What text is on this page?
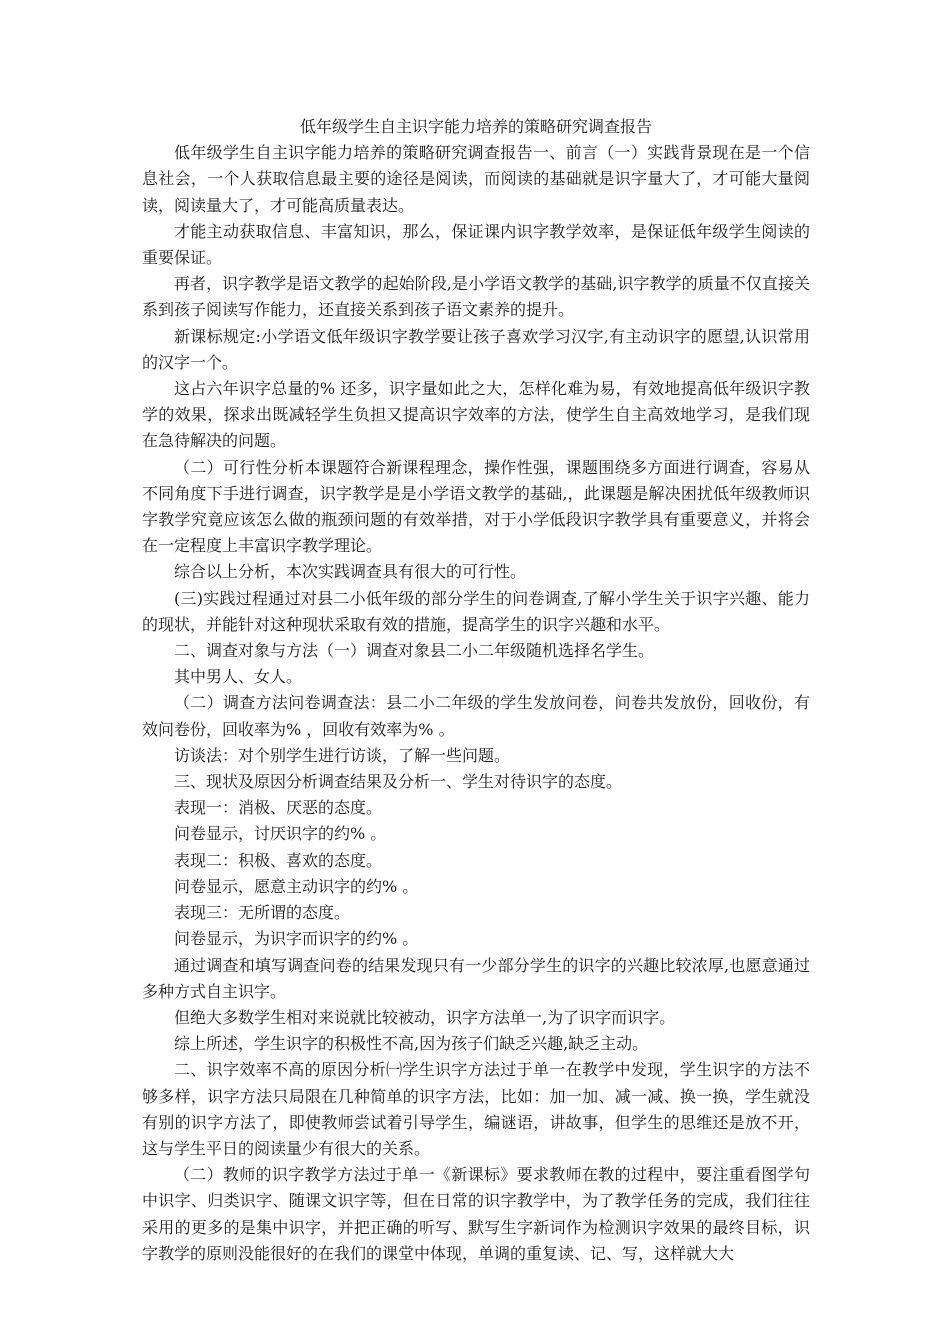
低年级学生自主识字能力培养的策略研究调查报告

低年级学生自主识字能力培养的策略研究调查报告一、前言（一）实践背景现在是一个信息社会，一个人获取信息最主要的途径是阅读，而阅读的基础就是识字量大了，才可能大量阅读，阅读量大了，才可能高质量表达。

才能主动获取信息、丰富知识，那么，保证课内识字教学效率，是保证低年级学生阅读的重要保证。

再者，识字教学是语文教学的起始阶段,是小学语文教学的基础,识字教学的质量不仅直接关系到孩子阅读写作能力，还直接关系到孩子语文素养的提升。

新课标规定:小学语文低年级识字教学要让孩子喜欢学习汉字,有主动识字的愿望,认识常用的汉字一个。

这占六年识字总量的% 还多，识字量如此之大，怎样化难为易，有效地提高低年级识字教学的效果，探求出既减轻学生负担又提高识字效率的方法，使学生自主高效地学习，是我们现在急待解决的问题。

（二）可行性分析本课题符合新课程理念，操作性强，课题围绕多方面进行调查，容易从不同角度下手进行调查，识字教学是是小学语文教学的基础,，此课题是解决困扰低年级教师识字教学究竟应该怎么做的瓶颈问题的有效举措，对于小学低段识字教学具有重要意义，并将会在一定程度上丰富识字教学理论。

综合以上分析，本次实践调查具有很大的可行性。

(三)实践过程通过对县二小低年级的部分学生的问卷调查,了解小学生关于识字兴趣、能力的现状，并能针对这种现状采取有效的措施，提高学生的识字兴趣和水平。

二、调查对象与方法（一）调查对象县二小二年级随机选择名学生。

其中男人、女人。

（二）调查方法问卷调查法：县二小二年级的学生发放问卷，问卷共发放份，回收份，有效问卷份，回收率为% ，回收有效率为% 。

访谈法：对个别学生进行访谈，了解一些问题。

三、现状及原因分析调查结果及分析一、学生对待识字的态度。

表现一：消极、厌恶的态度。

问卷显示，讨厌识字的约% 。

表现二：积极、喜欢的态度。

问卷显示，愿意主动识字的约% 。

表现三：无所谓的态度。

问卷显示，为识字而识字的约% 。

通过调查和填写调查问卷的结果发现只有一少部分学生的识字的兴趣比较浓厚,也愿意通过多种方式自主识字。

但绝大多数学生相对来说就比较被动，识字方法单一,为了识字而识字。

综上所述，学生识字的积极性不高,因为孩子们缺乏兴趣,缺乏主动。

二、识字效率不高的原因分析㈠学生识字方法过于单一在教学中发现，学生识字的方法不够多样，识字方法只局限在几种简单的识字方法，比如：加一加、减一减、换一换，学生就没有别的识字方法了，即使教师尝试着引导学生，编谜语，讲故事，但学生的思维还是放不开，这与学生平日的阅读量少有很大的关系。

（二）教师的识字教学方法过于单一《新课标》要求教师在教的过程中，要注重看图学句中识字、归类识字、随课文识字等，但在日常的识字教学中，为了教学任务的完成，我们往往采用的更多的是集中识字，并把正确的听写、默写生字新词作为检测识字效果的最终目标，识字教学的原则没能很好的在我们的课堂中体现，单调的重复读、记、写，这样就大大
